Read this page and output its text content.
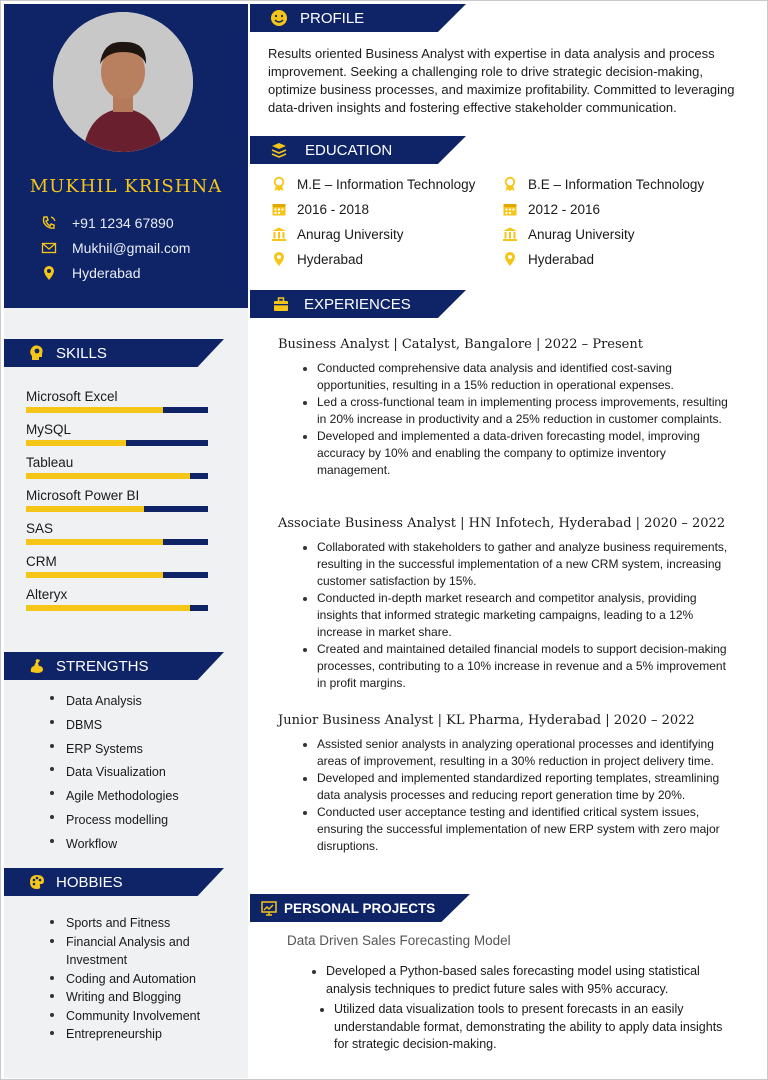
MUKHIL KRISHNA
+91 1234 67890
Mukhil@gmail.com
Hyderabad
SKILLS
Microsoft Excel
MySQL
Tableau
Microsoft Power BI
SAS
CRM
Alteryx
STRENGTHS
Data Analysis
DBMS
ERP Systems
Data Visualization
Agile Methodologies
Process modelling
Workflow
HOBBIES
Sports and Fitness
Financial Analysis and Investment
Coding and Automation
Writing and Blogging
Community Involvement
Entrepreneurship
PROFILE
Results oriented Business Analyst with expertise in data analysis and process improvement. Seeking a challenging role to drive strategic decision-making, optimize business processes, and maximize profitability. Committed to leveraging data-driven insights and fostering effective stakeholder communication.
EDUCATION
M.E – Information Technology
2016 - 2018
Anurag University
Hyderabad
B.E – Information Technology
2012 - 2016
Anurag University
Hyderabad
EXPERIENCES
Business Analyst | Catalyst, Bangalore | 2022 – Present
Conducted comprehensive data analysis and identified cost-saving opportunities, resulting in a 15% reduction in operational expenses.
Led a cross-functional team in implementing process improvements, resulting in 20% increase in productivity and a 25% reduction in customer complaints.
Developed and implemented a data-driven forecasting model, improving accuracy by 10% and enabling the company to optimize inventory management.
Associate Business Analyst | HN Infotech, Hyderabad | 2020 – 2022
Collaborated with stakeholders to gather and analyze business requirements, resulting in the successful implementation of a new CRM system, increasing customer satisfaction by 15%.
Conducted in-depth market research and competitor analysis, providing insights that informed strategic marketing campaigns, leading to a 12% increase in market share.
Created and maintained detailed financial models to support decision-making processes, contributing to a 10% increase in revenue and a 5% improvement in profit margins.
Junior Business Analyst | KL Pharma, Hyderabad | 2020 – 2022
Assisted senior analysts in analyzing operational processes and identifying areas of improvement, resulting in a 30% reduction in project delivery time.
Developed and implemented standardized reporting templates, streamlining data analysis processes and reducing report generation time by 20%.
Conducted user acceptance testing and identified critical system issues, ensuring the successful implementation of new ERP system with zero major disruptions.
PERSONAL PROJECTS
Data Driven Sales Forecasting Model
Developed a Python-based sales forecasting model using statistical analysis techniques to predict future sales with 95% accuracy.
Utilized data visualization tools to present forecasts in an easily understandable format, demonstrating the ability to apply data insights for strategic decision-making.
